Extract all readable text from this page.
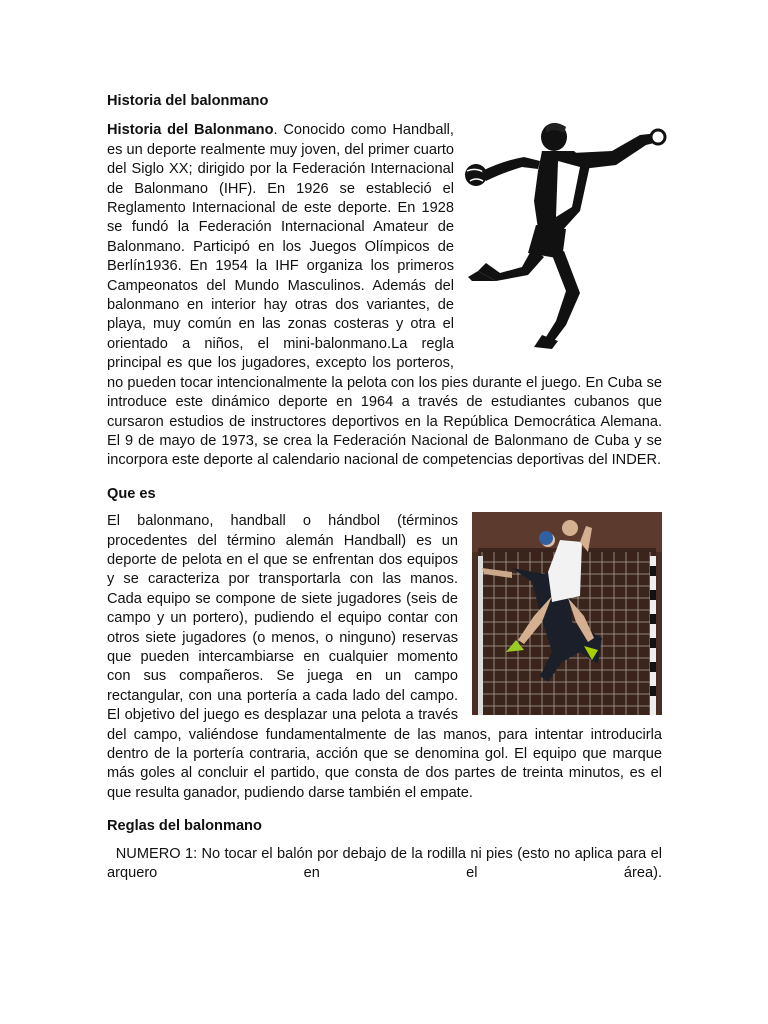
Historia del balonmano

Historia del Balonmano. Conocido como Handball, es un deporte realmente muy joven, del primer cuarto del Siglo XX; dirigido por la Federación Internacional de Balonmano (IHF). En 1926 se estableció el Reglamento Internacional de este deporte. En 1928 se fundó la Federación Internacional Amateur de Balonmano. Participó en los Juegos Olímpicos de Berlín1936. En 1954 la IHF organiza los primeros Campeonatos del Mundo Masculinos. Además del balonmano en interior hay otras dos variantes, de playa, muy común en las zonas costeras y otra el orientado a niños, el mini-balonmano.La regla principal es que los jugadores, excepto los porteros, no pueden tocar intencionalmente la pelota con los pies durante el juego. En Cuba se introduce este dinámico deporte en 1964 a través de estudiantes cubanos que cursaron estudios de instructores deportivos en la República Democrática Alemana. El 9 de mayo de 1973, se crea la Federación Nacional de Balonmano de Cuba y se incorpora este deporte al calendario nacional de competencias deportivas del INDER.

Que es

El balonmano, handball o hándbol (términos procedentes del término alemán Handball) es un deporte de pelota en el que se enfrentan dos equipos y se caracteriza por transportarla con las manos. Cada equipo se compone de siete jugadores (seis de campo y un portero), pudiendo el equipo contar con otros siete jugadores (o menos, o ninguno) reservas que pueden intercambiarse en cualquier momento con sus compañeros. Se juega en un campo rectangular, con una portería a cada lado del campo. El objetivo del juego es desplazar una pelota a través del campo, valiéndose fundamentalmente de las manos, para intentar introducirla dentro de la portería contraria, acción que se denomina gol. El equipo que marque más goles al concluir el partido, que consta de dos partes de treinta minutos, es el que resulta ganador, pudiendo darse también el empate.

Reglas del balonmano

NUMERO 1: No tocar el balón por debajo de la rodilla ni pies (esto no aplica para el arquero en el área).
